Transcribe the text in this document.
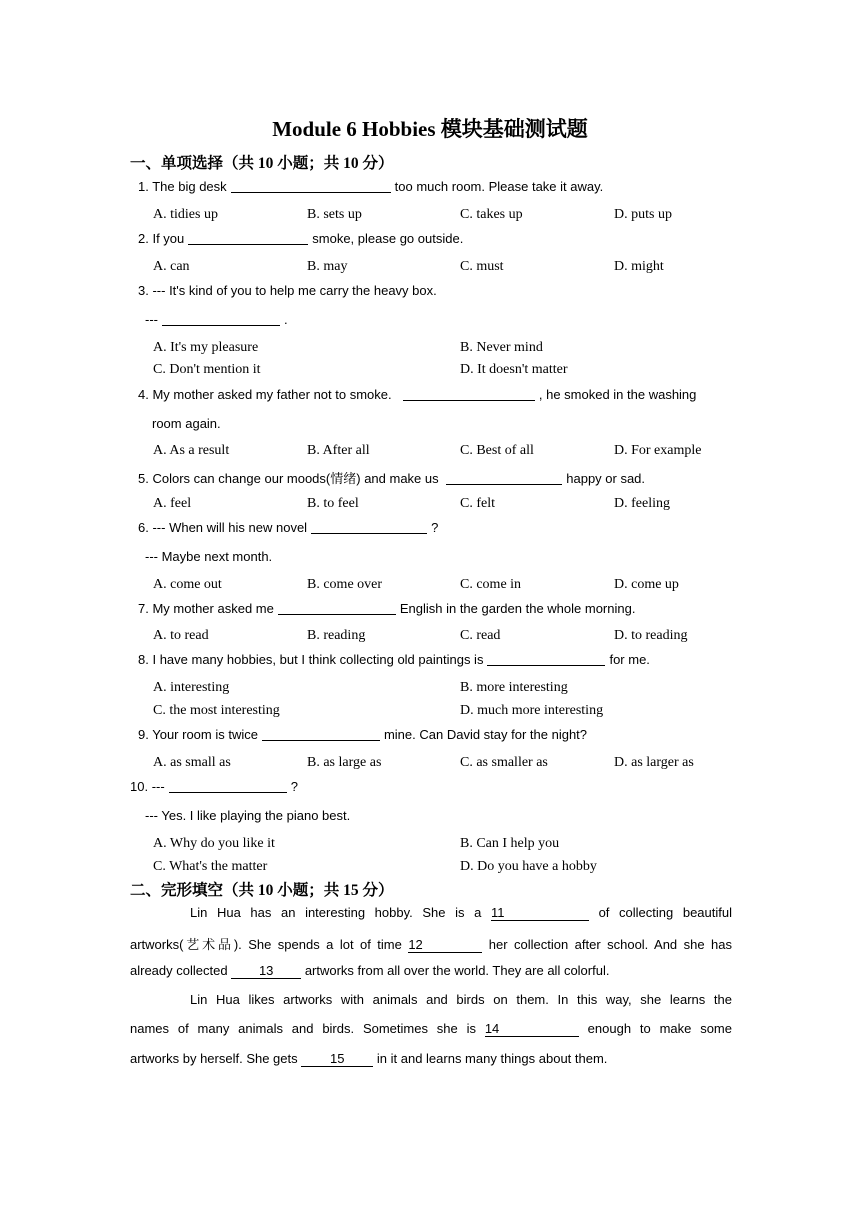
Module 6 Hobbies 模块基础测试题
一、单项选择（共 10 小题；共 10 分）
1. The big desk	too much room. Please take it away.
A. tidies up	B. sets up	C. takes up	D. puts up
2. If you	smoke, please go outside.
A. can	B. may	C. must	D. might
3. --- It's kind of you to help me carry the heavy box.
---	.
A. It's my pleasure	B. Never mind
C. Don't mention it	D. It doesn't matter
4. My mother asked my father not to smoke.	, he smoked in the washing
room again.
A. As a result	B. After all	C. Best of all	D. For example
5. Colors can change our moods(情绪) and make us	happy or sad.
A. feel	B. to feel	C. felt	D. feeling
6. --- When will his new novel	?
--- Maybe next month.
A. come out	B. come over	C. come in	D. come up
7. My mother asked me	English in the garden the whole morning.
A. to read	B. reading	C. read	D. to reading
8. I have many hobbies, but I think collecting old paintings is	for me.
A. interesting	B. more interesting
C. the most interesting	D. much more interesting
9. Your room is twice	mine. Can David stay for the night?
A. as small as	B. as large as	C. as smaller as	D. as larger as
10. ---	?
--- Yes. I like playing the piano best.
A. Why do you like it	B. Can I help you
C. What's the matter	D. Do you have a hobby
二、完形填空（共 10 小题；共 15 分）
Lin Hua has an interesting hobby. She is a 11	of collecting beautiful
artworks(艺术品). She spends a lot of time 12	her collection after school. And she has
already collected 13 artworks from all over the world. They are all colorful.
Lin Hua likes artworks with animals and birds on them. In this way, she learns the
names of many animals and birds. Sometimes she is 14	enough to make some
artworks by herself. She gets 15 in it and learns many things about them.
